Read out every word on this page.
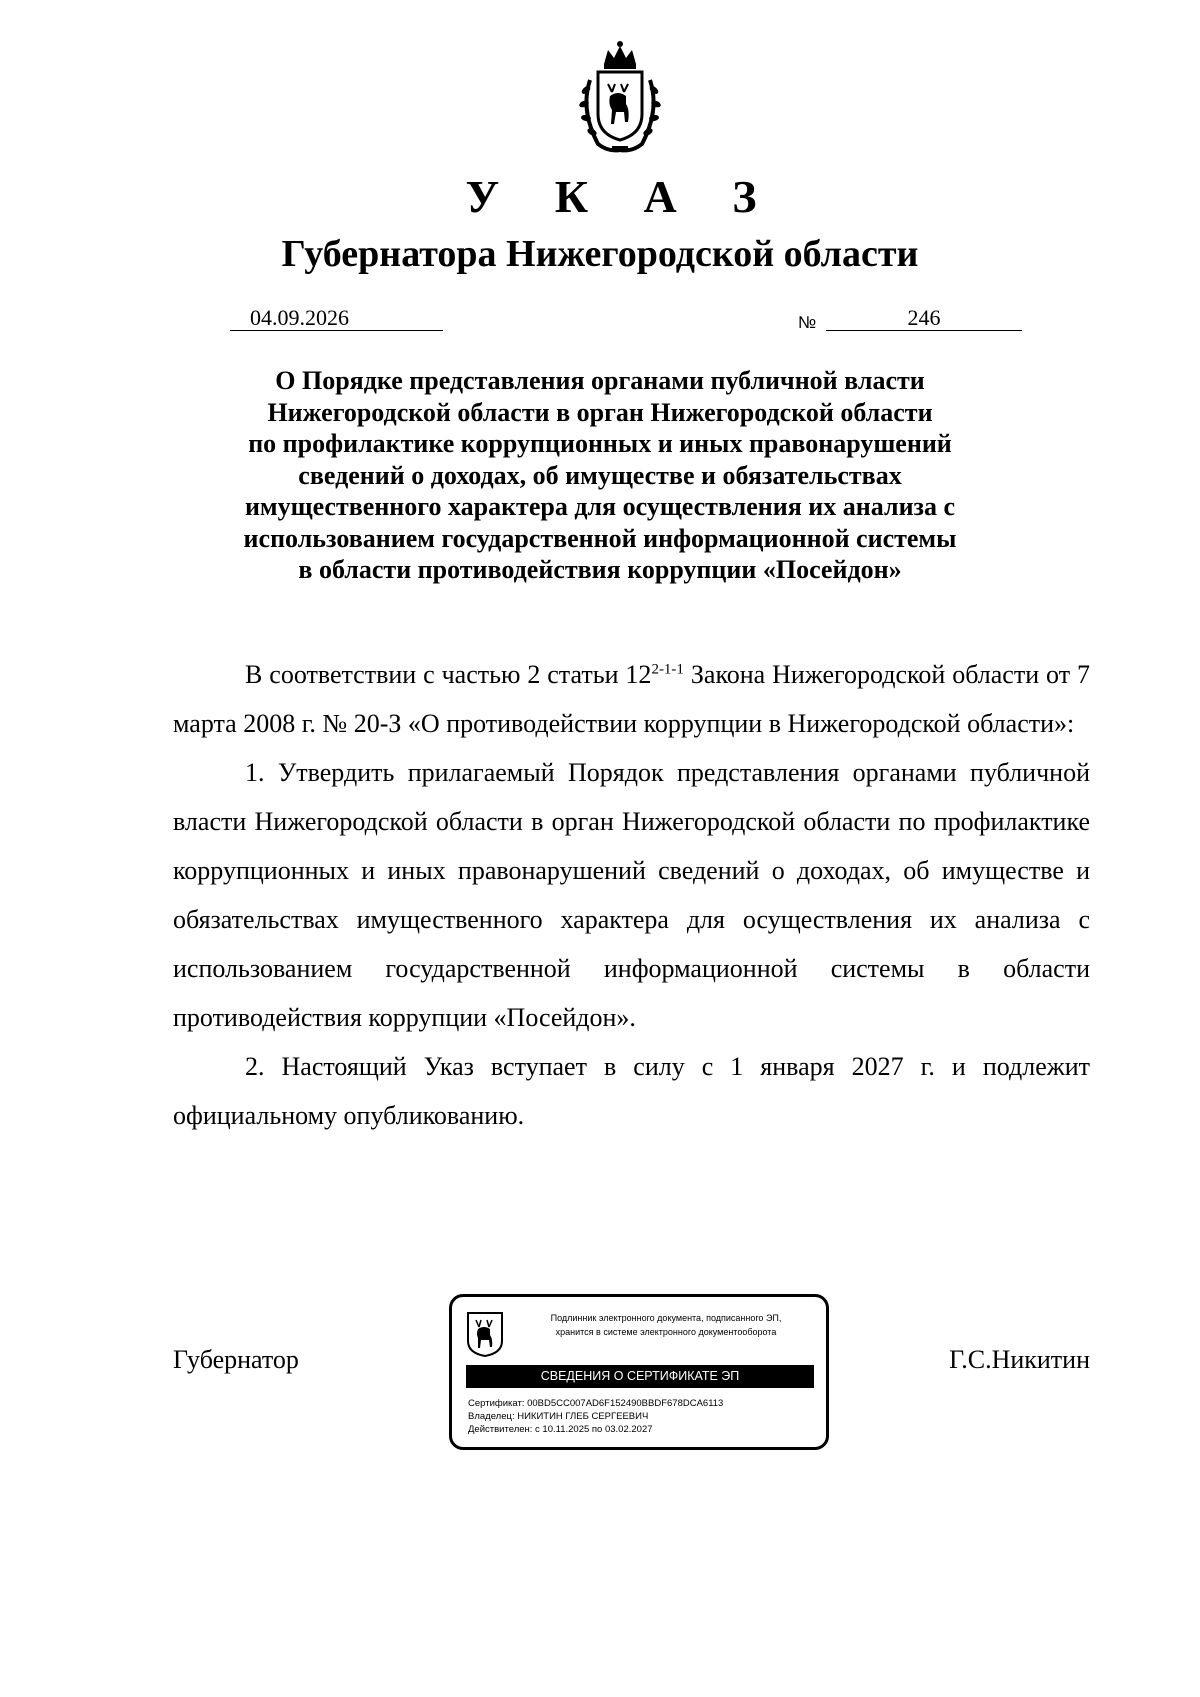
У К А З
Губернатора Нижегородской области
04.09.2026	№	246
О Порядке представления органами публичной власти
Нижегородской области в орган Нижегородской области
по профилактике коррупционных и иных правонарушений
сведений о доходах, об имуществе и обязательствах
имущественного характера для осуществления их анализа с
использованием государственной информационной системы
в области противодействия коррупции «Посейдон»

В соответствии с частью 2 статьи 12$^{2-1-1}$ Закона Нижегородской области от 7 марта 2008 г. № 20-З «О противодействии коррупции в Нижегородской области»:

1. Утвердить прилагаемый Порядок представления органами публичной власти Нижегородской области в орган Нижегородской области по профилактике коррупционных и иных правонарушений сведений о доходах, об имуществе и обязательствах имущественного характера для осуществления их анализа с использованием государственной информационной системы в области противодействия коррупции «Посейдон».

2. Настоящий Указ вступает в силу с 1 января 2027 г. и подлежит официальному опубликованию.

Губернатор
Подлинник электронного документа, подписанного ЭП,
хранится в системе электронного документооборота
СВЕДЕНИЯ О СЕРТИФИКАТЕ ЭП
Сертификат: 00BD5CC007AD6F152490BBDF678DCA6113
Владелец: НИКИТИН ГЛЕБ СЕРГЕЕВИЧ
Действителен: с 10.11.2025 по 03.02.2027
Г.С.Никитин
